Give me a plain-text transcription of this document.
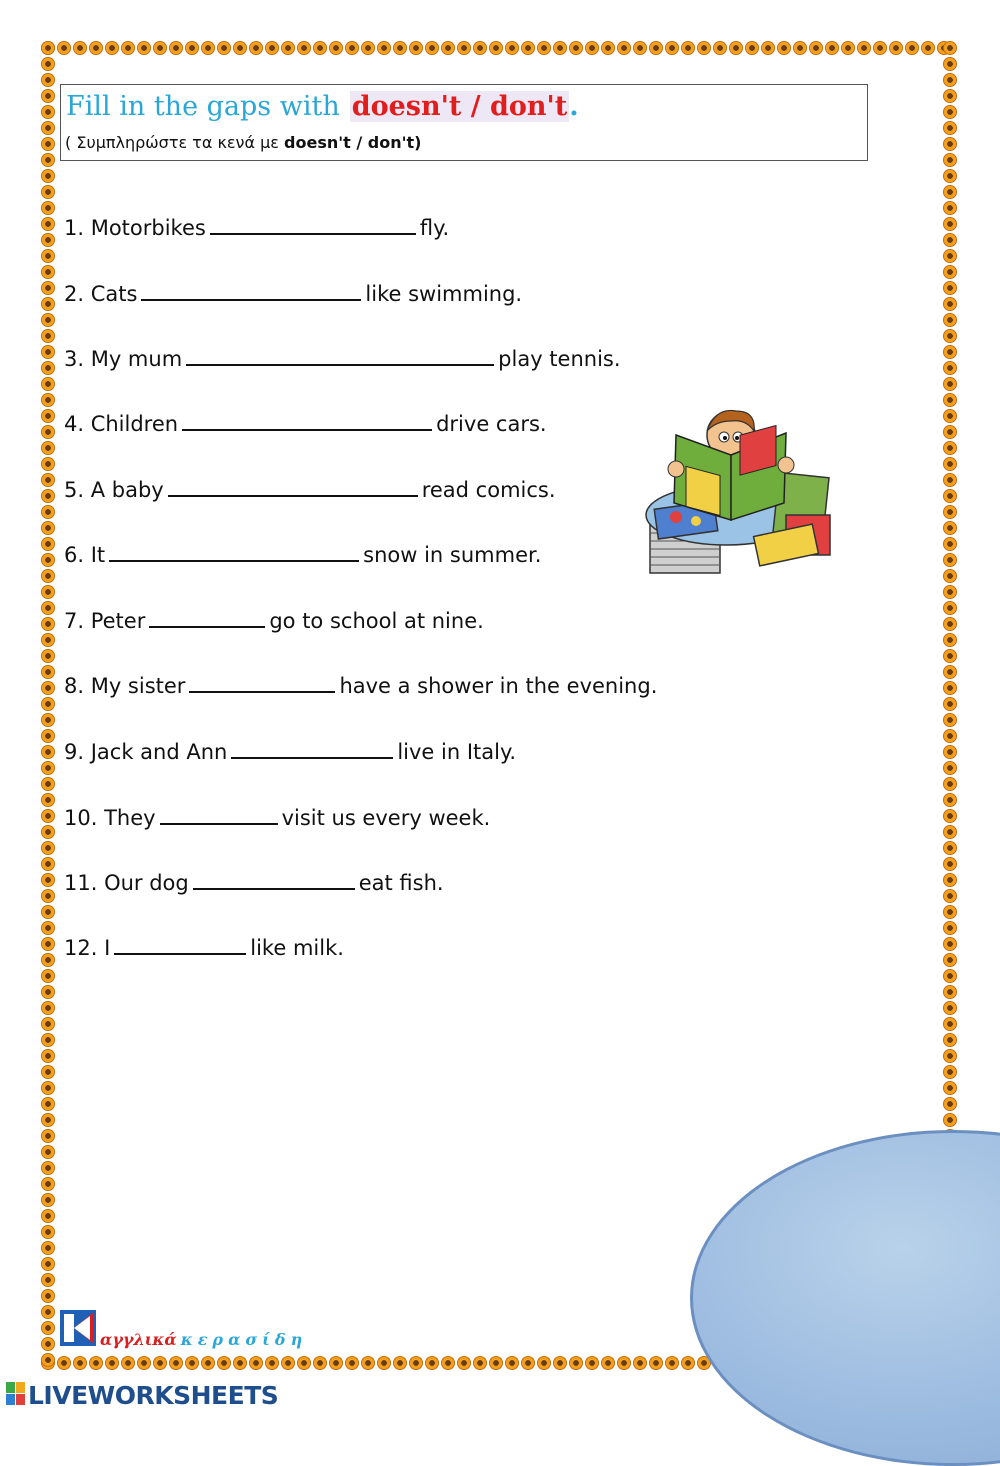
Fill in the gaps with doesn't / don't.
( Συμπληρώστε τα κενά με doesn't / don't)
1. Motorbikes	fly.
2. Cats	like swimming.
3. My mum	play tennis.
4. Children	drive cars.
5. A baby	read comics.
6. It	snow in summer.
7. Peter	go to school at nine.
8. My sister	have a shower in the evening.
9. Jack and Ann	live in Italy.
10. They	visit us every week.
11. Our dog	eat fish.
12. I	like milk.
αγγλικά κερασίδη
LIVEWORKSHEETS
